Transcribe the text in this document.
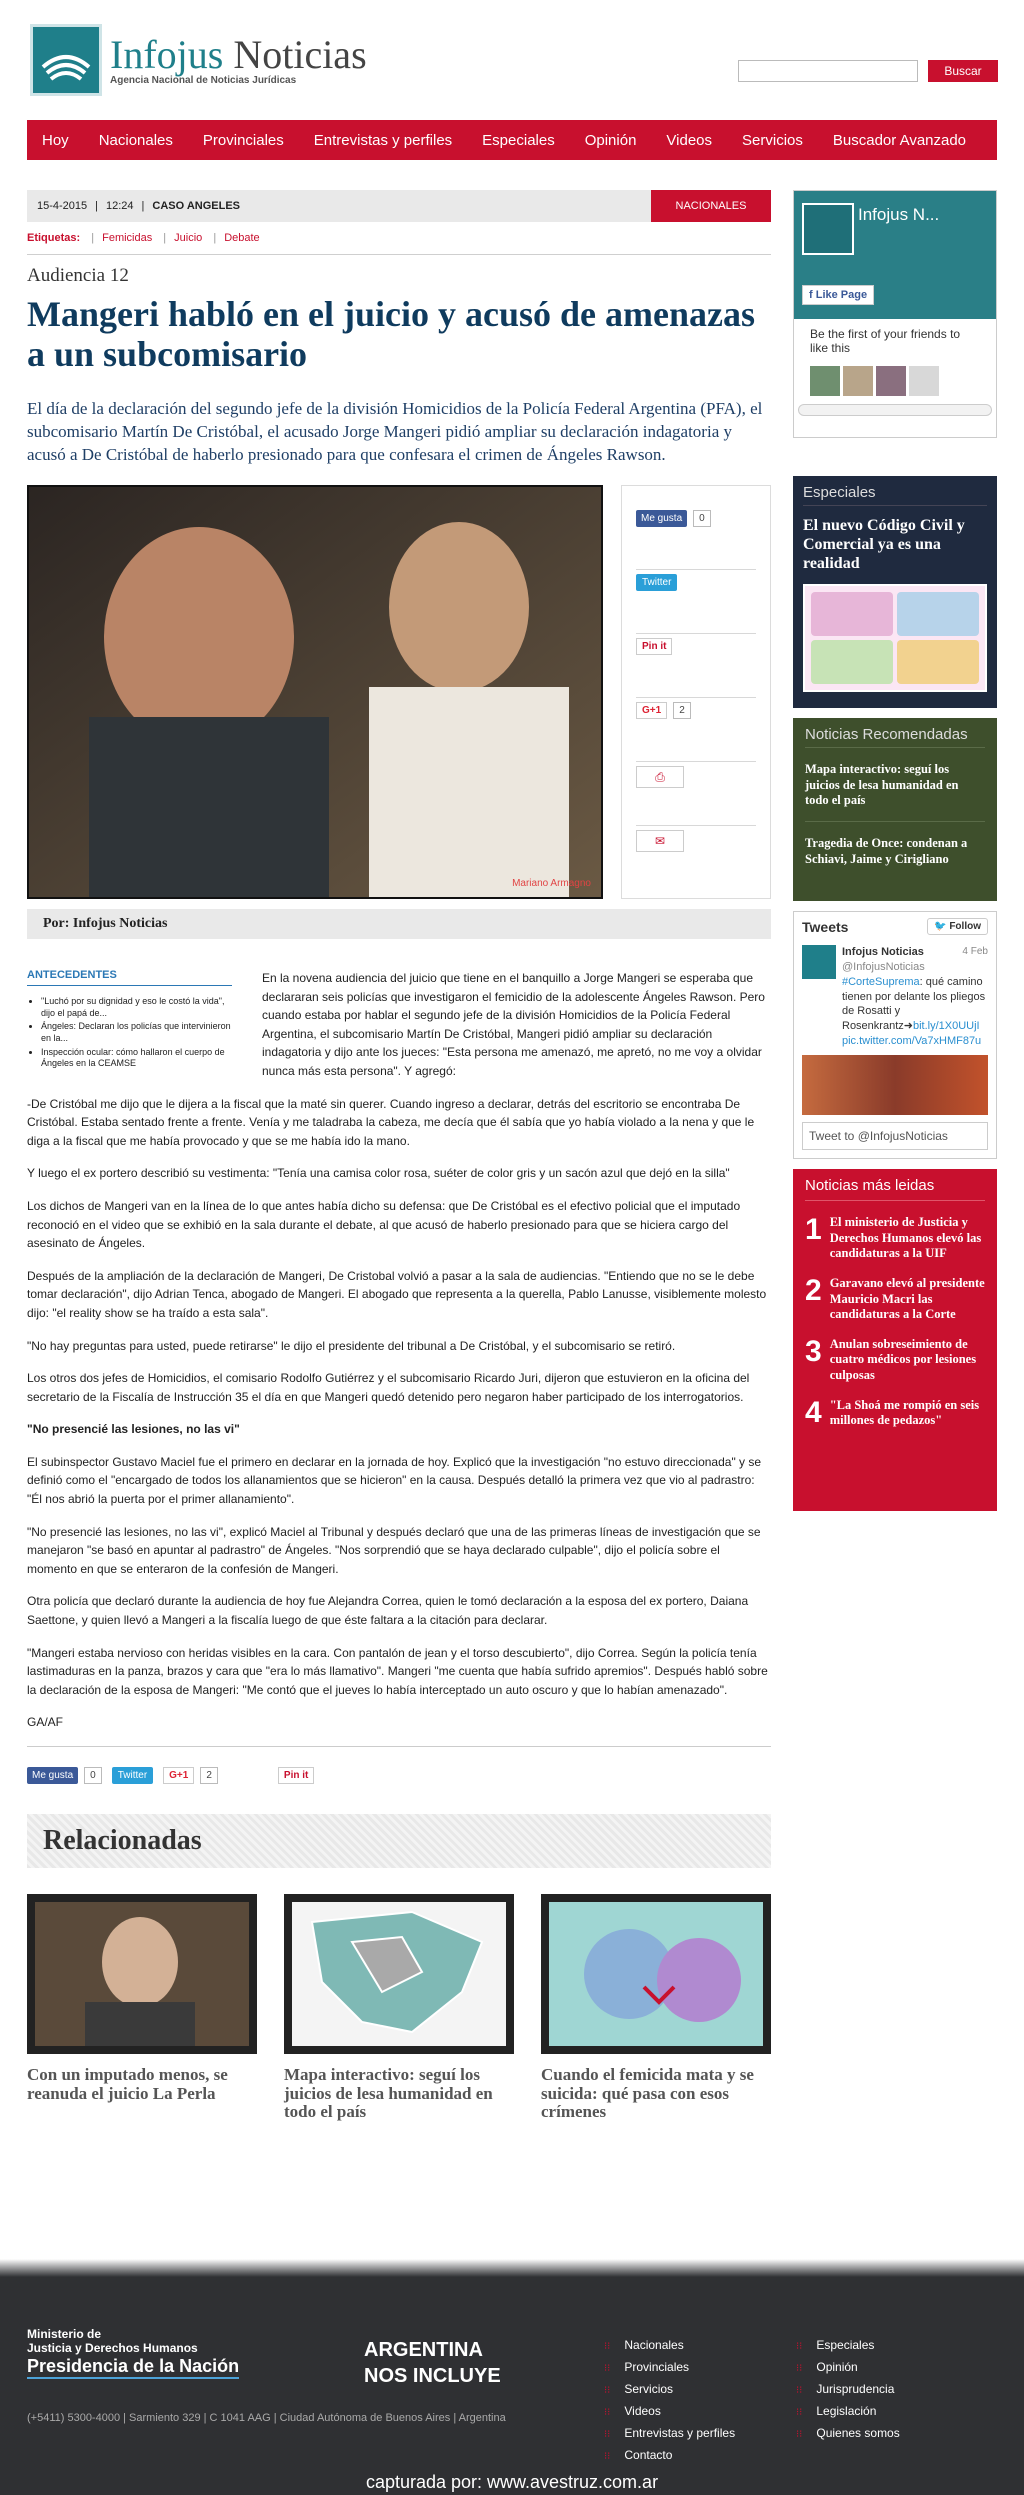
Infojus Noticias
Agencia Nacional de Noticias Jurídicas
Buscar
Hoy Nacionales Provinciales Entrevistas y perfiles Especiales Opinión Videos Servicios Buscador Avanzado
15-4-2015 | 12:24 | CASO ANGELES	NACIONALES
Etiquetas: | Femicidas | Juicio | Debate
Audiencia 12
Mangeri habló en el juicio y acusó de amenazas a un subcomisario

El día de la declaración del segundo jefe de la división Homicidios de la Policía Federal Argentina (PFA), el subcomisario Martín De Cristóbal, el acusado Jorge Mangeri pidió ampliar su declaración indagatoria y acusó a De Cristóbal de haberlo presionado para que confesara el crimen de Ángeles Rawson.

Mariano Armagno
Me gusta	0
Twitter
Pin it
G+1	2
⎙
✉
Por: Infojus Noticias
ANTECEDENTES
• "Luchó por su dignidad y eso le costó la vida", dijo el papá de...
• Ángeles: Declaran los policías que intervinieron en la...
• Inspección ocular: cómo hallaron el cuerpo de Ángeles en la CEAMSE

En la novena audiencia del juicio que tiene en el banquillo a Jorge Mangeri se esperaba que declararan seis policías que investigaron el femicidio de la adolescente Ángeles Rawson. Pero cuando estaba por hablar el segundo jefe de la división Homicidios de la Policía Federal Argentina, el subcomisario Martín De Cristóbal, Mangeri pidió ampliar su declaración indagatoria y dijo ante los jueces: "Esta persona me amenazó, me apretó, no me voy a olvidar nunca más esta persona". Y agregó:

-De Cristóbal me dijo que le dijera a la fiscal que la maté sin querer. Cuando ingreso a declarar, detrás del escritorio se encontraba De Cristóbal. Estaba sentado frente a frente. Venía y me taladraba la cabeza, me decía que él sabía que yo había violado a la nena y que le diga a la fiscal que me había provocado y que se me había ido la mano.

Y luego el ex portero describió su vestimenta: "Tenía una camisa color rosa, suéter de color gris y un sacón azul que dejó en la silla"

Los dichos de Mangeri van en la línea de lo que antes había dicho su defensa: que De Cristóbal es el efectivo policial que el imputado reconoció en el video que se exhibió en la sala durante el debate, al que acusó de haberlo presionado para que se hiciera cargo del asesinato de Ángeles.

Después de la ampliación de la declaración de Mangeri, De Cristobal volvió a pasar a la sala de audiencias. "Entiendo que no se le debe tomar declaración", dijo Adrian Tenca, abogado de Mangeri. El abogado que representa a la querella, Pablo Lanusse, visiblemente molesto dijo: "el reality show se ha traído a esta sala".

"No hay preguntas para usted, puede retirarse" le dijo el presidente del tribunal a De Cristóbal, y el subcomisario se retiró.

Los otros dos jefes de Homicidios, el comisario Rodolfo Gutiérrez y el subcomisario Ricardo Juri, dijeron que estuvieron en la oficina del secretario de la Fiscalía de Instrucción 35 el día en que Mangeri quedó detenido pero negaron haber participado de los interrogatorios.

"No presencié las lesiones, no las vi"

El subinspector Gustavo Maciel fue el primero en declarar en la jornada de hoy. Explicó que la investigación "no estuvo direccionada" y se definió como el "encargado de todos los allanamientos que se hicieron" en la causa. Después detalló la primera vez que vio al padrastro: "Él nos abrió la puerta por el primer allanamiento".

"No presencié las lesiones, no las vi", explicó Maciel al Tribunal y después declaró que una de las primeras líneas de investigación que se manejaron "se basó en apuntar al padrastro" de Ángeles. "Nos sorprendió que se haya declarado culpable", dijo el policía sobre el momento en que se enteraron de la confesión de Mangeri.

Otra policía que declaró durante la audiencia de hoy fue Alejandra Correa, quien le tomó declaración a la esposa del ex portero, Daiana Saettone, y quien llevó a Mangeri a la fiscalía luego de que éste faltara a la citación para declarar.

"Mangeri estaba nervioso con heridas visibles en la cara. Con pantalón de jean y el torso descubierto", dijo Correa. Según la policía tenía lastimaduras en la panza, brazos y cara que "era lo más llamativo". Mangeri "me cuenta que había sufrido apremios". Después habló sobre la declaración de la esposa de Mangeri: "Me contó que el jueves lo había interceptado un auto oscuro y que lo habían amenazado".

GA/AF

Me gusta	0	Twitter	G+1	2	Pin it
Relacionadas
Con un imputado menos, se reanuda el juicio La Perla
Mapa interactivo: seguí los juicios de lesa humanidad en todo el país
Cuando el femicida mata y se suicida: qué pasa con esos crímenes
Infojus N...
f Like Page
Be the first of your friends to like this
Especiales
El nuevo Código Civil y Comercial ya es una realidad
Noticias Recomendadas
Mapa interactivo: seguí los juicios de lesa humanidad en todo el país
Tragedia de Once: condenan a Schiavi, Jaime y Cirigliano
Tweets	🐦 Follow
Infojus Noticias	4 Feb

@InfojusNoticias
#CorteSuprema: qué camino tienen por delante los pliegos de Rosatti y Rosenkrantz➜bit.ly/1X0UUjI
pic.twitter.com/Va7xHMF87u
Tweet to @InfojusNoticias
Noticias más leidas
1 El ministerio de Justicia y Derechos Humanos elevó las candidaturas a la UIF
2 Garavano elevó al presidente Mauricio Macri las candidaturas a la Corte
3 Anulan sobreseimiento de cuatro médicos por lesiones culposas
4 "La Shoá me rompió en seis millones de pedazos"
Ministerio de
Justicia y Derechos Humanos
Presidencia de la Nación
ARGENTINA
NOS INCLUYE
(+5411) 5300-4000 | Sarmiento 329 | C 1041 AAG | Ciudad Autónoma de Buenos Aires | Argentina
⁝⁝ Nacionales
⁝⁝ Provinciales
⁝⁝ Servicios
⁝⁝ Videos
⁝⁝ Entrevistas y perfiles
⁝⁝ Contacto
⁝⁝ Especiales
⁝⁝ Opinión
⁝⁝ Jurisprudencia
⁝⁝ Legislación
⁝⁝ Quienes somos
capturada por: www.avestruz.com.ar
